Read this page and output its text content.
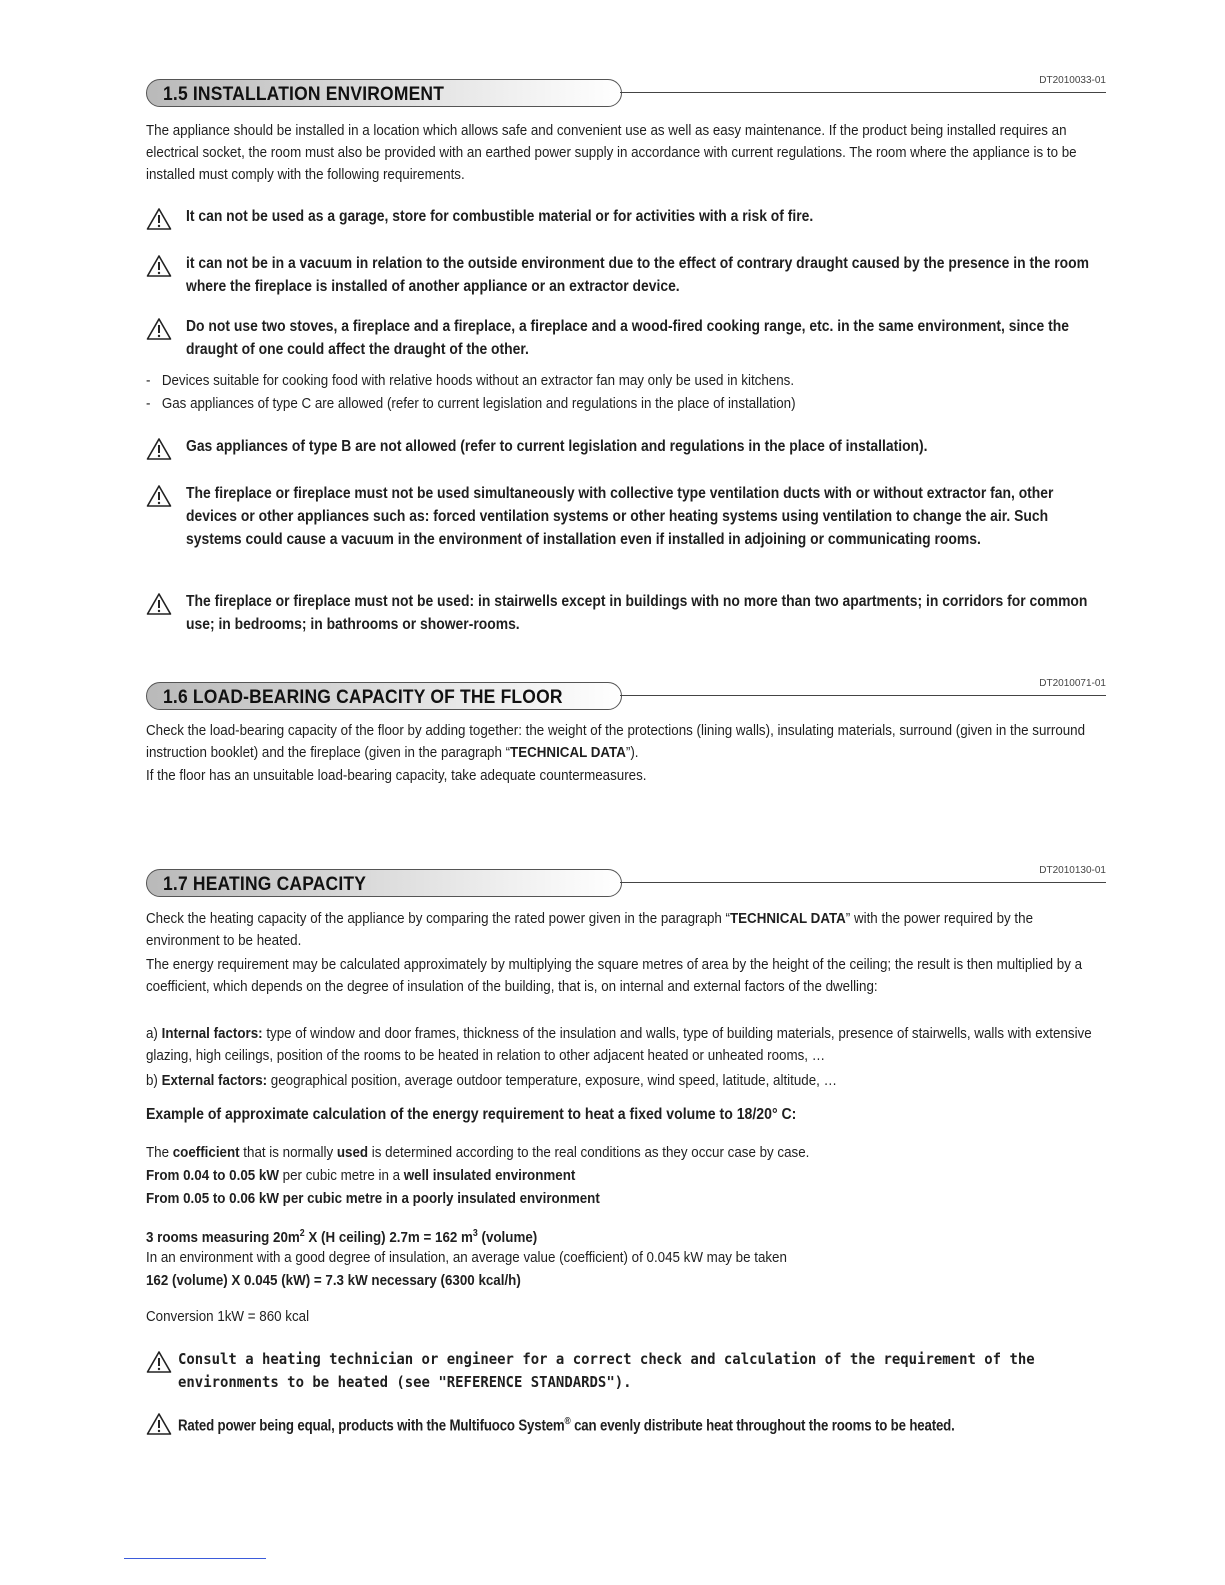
1.5 INSTALLATION ENVIROMENT
DT2010033-01

The appliance should be installed in a location which allows safe and convenient use as well as easy maintenance. If the product being installed requires an electrical socket, the room must also be provided with an earthed power supply in accordance with current regulations. The room where the appliance is to be installed must comply with the following requirements.

It can not be used as a garage, store for combustible material or for activities with a risk of fire.
it can not be in a vacuum in relation to the outside environment due to the effect of contrary draught caused by the presence in the room where the fireplace is installed of another appliance or an extractor device.
Do not use two stoves, a fireplace and a fireplace, a fireplace and a wood-fired cooking range, etc. in the same environment, since the draught of one could affect the draught of the other.
- Devices suitable for cooking food with relative hoods without an extractor fan may only be used in kitchens.
- Gas appliances of type C are allowed (refer to current legislation and regulations in the place of installation)
Gas appliances of type B are not allowed (refer to current legislation and regulations in the place of installation).
The fireplace or fireplace must not be used simultaneously with collective type ventilation ducts with or without extractor fan, other devices or other appliances such as: forced ventilation systems or other heating systems using ventilation to change the air. Such systems could cause a vacuum in the environment of installation even if installed in adjoining or communicating rooms.
The fireplace or fireplace must not be used: in stairwells except in buildings with no more than two apartments; in corridors for common use; in bedrooms; in bathrooms or shower-rooms.
1.6 LOAD-BEARING CAPACITY OF THE FLOOR
DT2010071-01

Check the load-bearing capacity of the floor by adding together: the weight of the protections (lining walls), insulating materials, surround (given in the surround instruction booklet) and the fireplace (given in the paragraph “TECHNICAL DATA”).

If the floor has an unsuitable load-bearing capacity, take adequate countermeasures.

1.7 HEATING CAPACITY
DT2010130-01

Check the heating capacity of the appliance by comparing the rated power given in the paragraph “TECHNICAL DATA” with the power required by the environment to be heated.

The energy requirement may be calculated approximately by multiplying the square metres of area by the height of the ceiling; the result is then multiplied by a coefficient, which depends on the degree of insulation of the building, that is, on internal and external factors of the dwelling:

a) Internal factors: type of window and door frames, thickness of the insulation and walls, type of building materials, presence of stairwells, walls with extensive glazing, high ceilings, position of the rooms to be heated in relation to other adjacent heated or unheated rooms, …

b) External factors: geographical position, average outdoor temperature, exposure, wind speed, latitude, altitude, …

Example of approximate calculation of the energy requirement to heat a fixed volume to 18/20° C:

The coefficient that is normally used is determined according to the real conditions as they occur case by case.

From 0.04 to 0.05 kW per cubic metre in a well insulated environment

From 0.05 to 0.06 kW per cubic metre in a poorly insulated environment

3 rooms measuring $20m^2$ X (H ceiling) 2.7m = 162 $m^3$ (volume)

In an environment with a good degree of insulation, an average value (coefficient) of 0.045 kW may be taken

162 (volume) X 0.045 (kW) = 7.3 kW necessary (6300 kcal/h)

Conversion 1kW = 860 kcal

Consult a heating technician or engineer for a correct check and calculation of the requirement of the environments to be heated (see "REFERENCE STANDARDS").
Rated power being equal, products with the Multifuoco System® can evenly distribute heat throughout the rooms to be heated.
